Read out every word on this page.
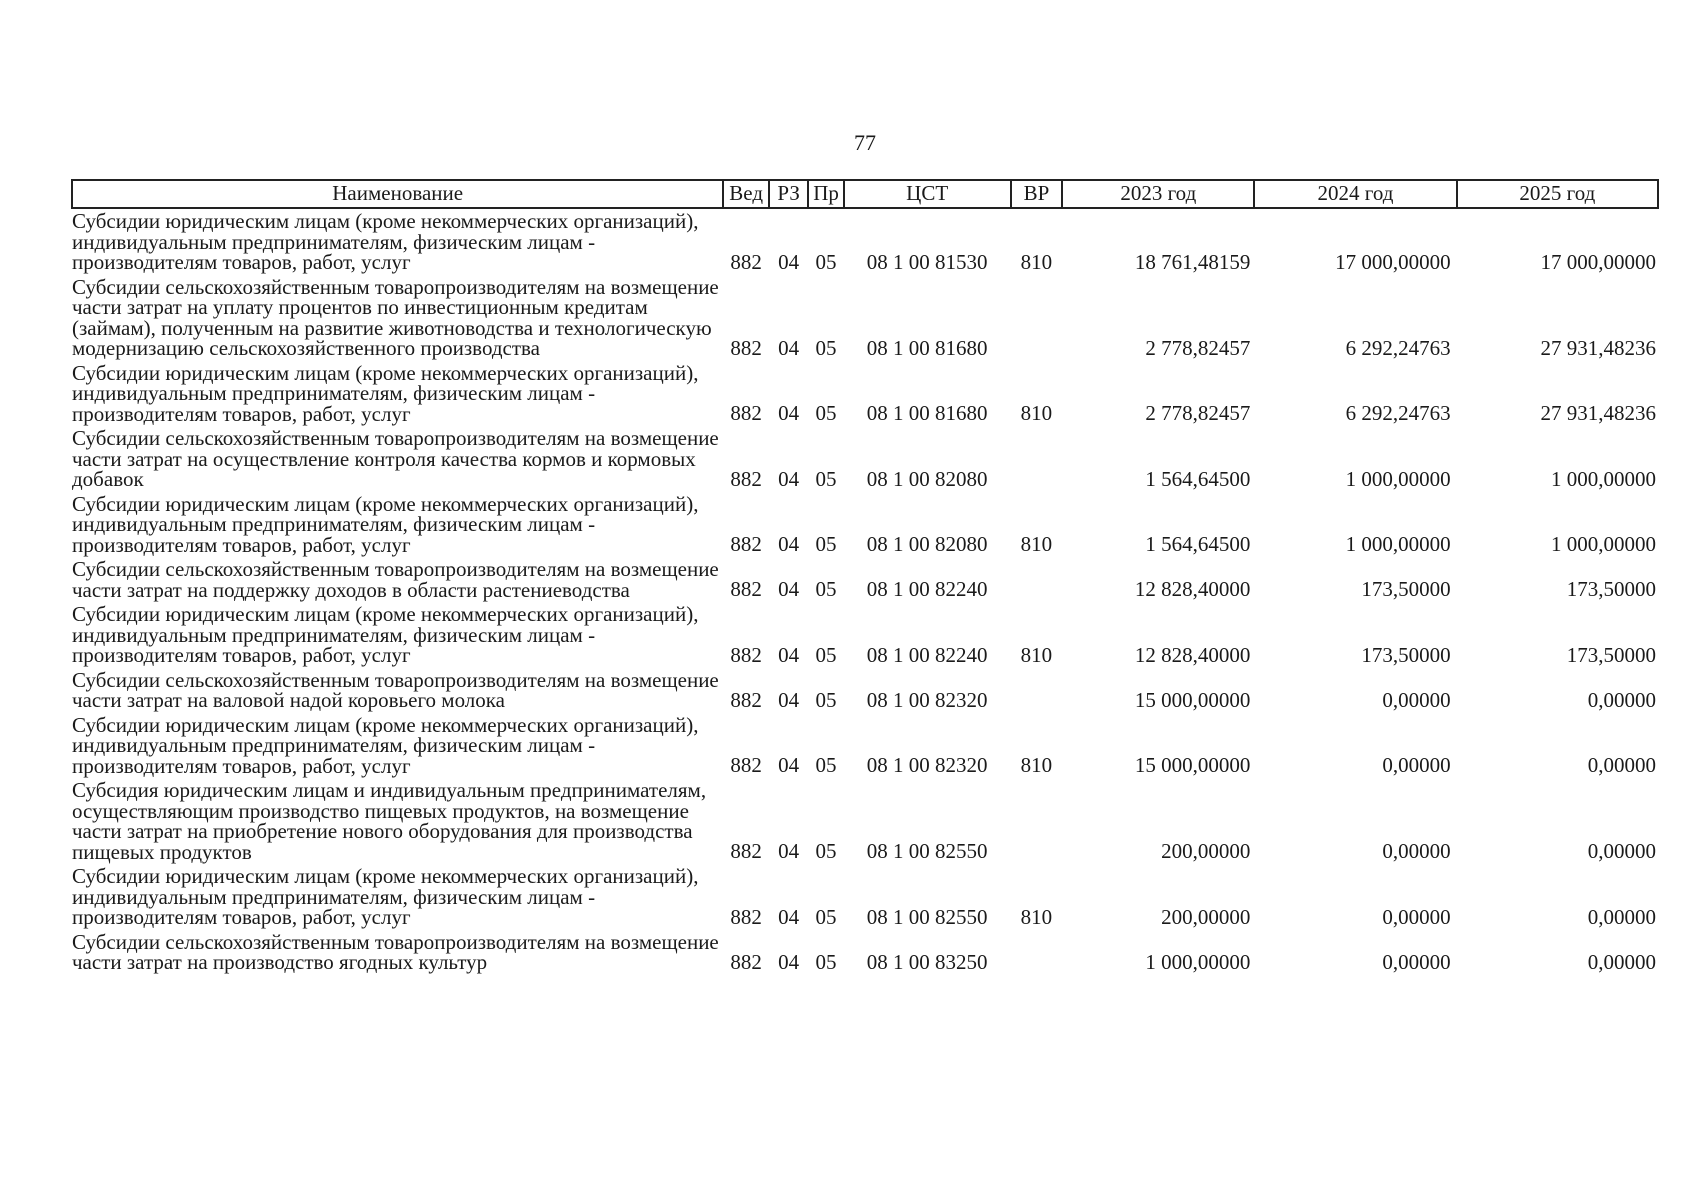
77
Наименование	Вед	РЗ	Пр	ЦСТ	ВР	2023 год	2024 год	2025 год
Субсидии юридическим лицам (кроме некоммерческих организаций), индивидуальным предпринимателям, физическим лицам - производителям товаров, работ, услуг	882	04	05	08 1 00 81530	810	18 761,48159	17 000,00000	17 000,00000
Субсидии сельскохозяйственным товаропроизводителям на возмещение части затрат на уплату процентов по инвестиционным кредитам (займам), полученным на развитие животноводства и технологическую модернизацию сельскохозяйственного производства	882	04	05	08 1 00 81680		2 778,82457	6 292,24763	27 931,48236
Субсидии юридическим лицам (кроме некоммерческих организаций), индивидуальным предпринимателям, физическим лицам - производителям товаров, работ, услуг	882	04	05	08 1 00 81680	810	2 778,82457	6 292,24763	27 931,48236
Субсидии сельскохозяйственным товаропроизводителям на возмещение части затрат на осуществление контроля качества кормов и кормовых добавок	882	04	05	08 1 00 82080		1 564,64500	1 000,00000	1 000,00000
Субсидии юридическим лицам (кроме некоммерческих организаций), индивидуальным предпринимателям, физическим лицам - производителям товаров, работ, услуг	882	04	05	08 1 00 82080	810	1 564,64500	1 000,00000	1 000,00000
Субсидии сельскохозяйственным товаропроизводителям на возмещение части затрат на поддержку доходов в области растениеводства	882	04	05	08 1 00 82240		12 828,40000	173,50000	173,50000
Субсидии юридическим лицам (кроме некоммерческих организаций), индивидуальным предпринимателям, физическим лицам - производителям товаров, работ, услуг	882	04	05	08 1 00 82240	810	12 828,40000	173,50000	173,50000
Субсидии сельскохозяйственным товаропроизводителям на возмещение части затрат на валовой надой коровьего молока	882	04	05	08 1 00 82320		15 000,00000	0,00000	0,00000
Субсидии юридическим лицам (кроме некоммерческих организаций), индивидуальным предпринимателям, физическим лицам - производителям товаров, работ, услуг	882	04	05	08 1 00 82320	810	15 000,00000	0,00000	0,00000
Субсидия юридическим лицам и индивидуальным предпринимателям, осуществляющим производство пищевых продуктов, на возмещение части затрат на приобретение нового оборудования для производства пищевых продуктов	882	04	05	08 1 00 82550		200,00000	0,00000	0,00000
Субсидии юридическим лицам (кроме некоммерческих организаций), индивидуальным предпринимателям, физическим лицам - производителям товаров, работ, услуг	882	04	05	08 1 00 82550	810	200,00000	0,00000	0,00000
Субсидии сельскохозяйственным товаропроизводителям на возмещение части затрат на производство ягодных культур	882	04	05	08 1 00 83250		1 000,00000	0,00000	0,00000
